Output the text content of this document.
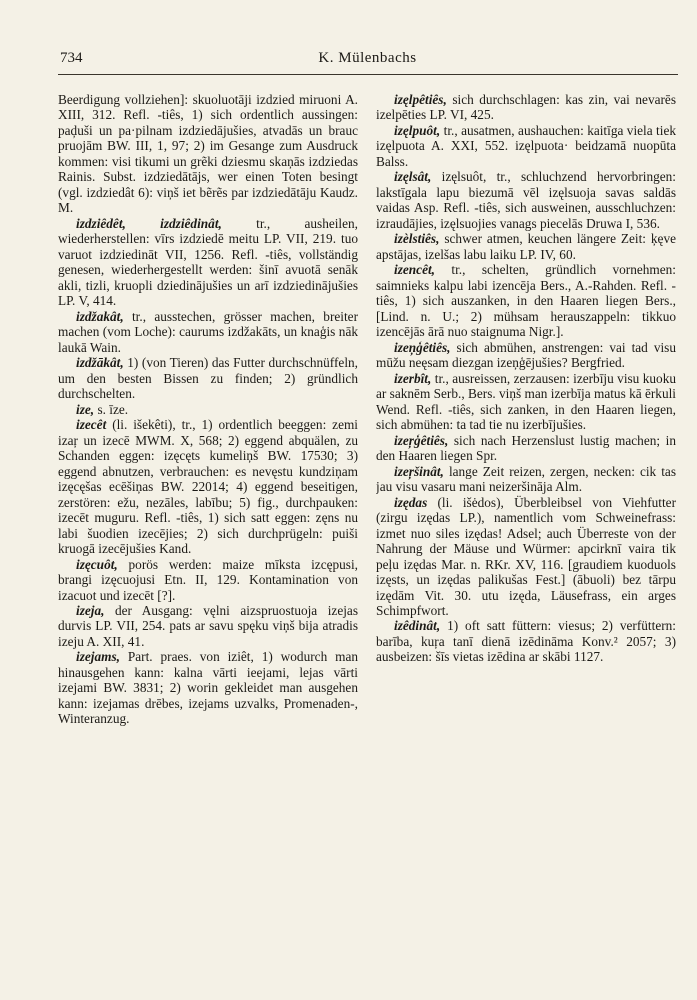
734	K. Mülenbachs

Beerdigung vollziehen]: skuoluotāji izdzied miruoni A. XIII, 312. Refl. -tiês, 1) sich ordentlich aussingen: paḑuši un pa·pilnam izdziedājušies, atvadās un brauc pruojām BW. III, 1, 97; 2) im Gesange zum Ausdruck kommen: visi tikumi un grẽki dziesmu skaņās izdziedas Rainis. Subst. izdziedātājs, wer einen Toten besingt (vgl. izdziedât 6): viņš iet bẽrẽs par izdziedātāju Kaudz. M.

izdziêdêt, izdziêdinât,	tr., ausheilen, wiederherstellen: vīrs izdziedē meitu LP. VII, 219. tuo varuot izdziedināt VII, 1256. Refl. -tiês, vollständig genesen, wiederhergestellt werden: šinī avuotā senāk akli, tizli, kruopli dziedinājušies un arī izdziedinājušies LP. V, 414.

izdžakât, tr., ausstechen, grösser machen, breiter machen (vom Loche): caurums izdžakāts, un knaģis nāk laukā Wain.

izdžākât, 1) (von Tieren) das Futter durchschnüffeln, um den besten Bissen zu finden; 2) gründlich durchschelten.

ize, s. īze.

izecêt (li. išekêti), tr., 1) ordentlich beeggen: zemi izaŗ un izecē MWM. X, 568; 2) eggend abquälen, zu Schanden eggen: izęcęts kumeliņš BW. 17530; 3) eggend abnutzen, verbrauchen: es nevęstu kundziņam izęcęšas ecēšiņas BW. 22014; 4) eggend beseitigen, zerstören: ežu, nezāles, labību; 5) fig., durchpauken: izecēt muguru. Refl. -tiês, 1) sich satt eggen: zęns nu labi šuodien izecējies; 2) sich durchprügeln: puiši kruogā izecējušies Kand.

izęcuôt, porös werden: maize mīksta izcępusi, brangi izęcuojusi Etn. II, 129. Kontamination von izacuot und izecēt [?].

izeja, der Ausgang: vęlni aizspruostuoja izejas durvis LP. VII, 254. pats ar savu spęku viņš bija atradis izeju A. XII, 41.

izejams, Part. praes. von iziêt, 1) wodurch man hinausgehen kann: kalna vārti ieejami, lejas vārti izejami BW. 3831; 2) worin gekleidet man ausgehen kann: izejamas drēbes, izejams uzvalks, Promenaden-, Winteranzug.

izęlpêtiês, sich durchschlagen: kas zin, vai nevarēs izelpēties LP. VI, 425.

izęlpuôt, tr., ausatmen, aushauchen: kaitīga viela tiek izęlpuota A. XXI, 552. izęlpuota· beidzamā nuopūta Balss.

izęlsât, izęlsuôt, tr., schluchzend hervorbringen: lakstīgala lapu biezumā vēl izęlsuoja savas saldās vaidas Asp. Refl. -tiês, sich ausweinen, ausschluchzen: izraudājies, izęlsuojies vanags piecelās Druwa I, 536.

izèlstiês, schwer atmen, keuchen längere Zeit: ķęve apstājas, izelšas labu laiku LP. IV, 60.

izencêt, tr., schelten, gründlich vornehmen: saimnieks kalpu labi izencēja Bers., A.-Rahden. Refl. -tiês, 1) sich auszanken, in den Haaren liegen Bers., [Lind. n. U.; 2) mühsam herauszappeln: tikkuo izencējās ārā nuo staignuma Nigr.].

izeņģêtiês, sich abmühen, anstrengen: vai tad visu mūžu neęsam diezgan izeņģējušies? Bergfried.

izerbît, tr., ausreissen, zerzausen: izerbīju visu kuoku ar saknēm Serb., Bers. viņš man izerbīja matus kā ērkuli Wend. Refl. -tiês, sich zanken, in den Haaren liegen, sich abmühen: ta tad tie nu izerbījušies.

izeŗģêtiês, sich nach Herzenslust lustig machen; in den Haaren liegen Spr.

izeŗšinât, lange Zeit reizen, zergen, necken: cik tas jau visu vasaru mani neizeršināja Alm.

izędas (li. išėdos), Überbleibsel von Viehfutter (zirgu izędas LP.), namentlich vom Schweinefrass: izmet nuo siles izędas! Adsel; auch Überreste von der Nahrung der Mäuse und Würmer: apcirknī vaira tik peļu izędas Mar. n. RKr. XV, 116. [graudiem kuoduols izęsts, un izędas palikušas Fest.] (ābuoli) bez tārpu izędām Vit. 30. utu izęda, Läusefrass, ein arges Schimpfwort.

izêdinât, 1) oft satt füttern: viesus; 2) verfüttern: barība, kuŗa tanī dienā izēdināma Konv.² 2057; 3) ausbeizen: šīs vietas izēdina ar skābi 1127.
